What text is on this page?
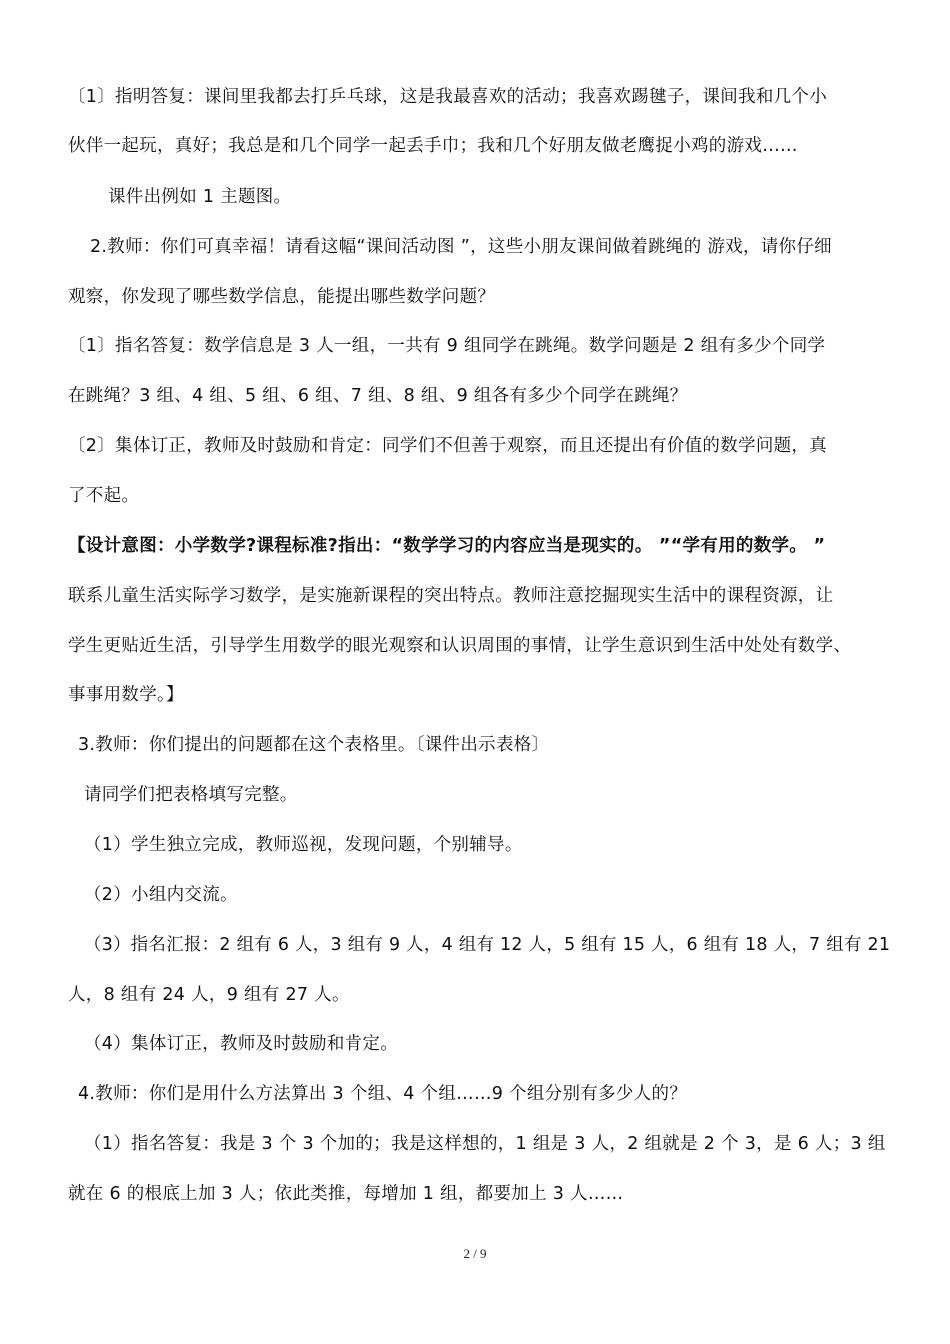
〔1〕指明答复：课间里我都去打乒乓球，这是我最喜欢的活动；我喜欢踢毽子，课间我和几个小
伙伴一起玩，真好；我总是和几个同学一起丢手巾；我和几个好朋友做老鹰捉小鸡的游戏……
课件出例如 1 主题图。
2.教师：你们可真幸福！请看这幅“课间活动图 ”，这些小朋友课间做着跳绳的 游戏，请你仔细
观察，你发现了哪些数学信息，能提出哪些数学问题？
〔1〕指名答复：数学信息是 3 人一组，一共有 9 组同学在跳绳。数学问题是 2 组有多少个同学
在跳绳？3 组、4 组、5 组、6 组、7 组、8 组、9 组各有多少个同学在跳绳？
〔2〕集体订正，教师及时鼓励和肯定：同学们不但善于观察，而且还提出有价值的数学问题，真
了不起。
【设计意图：小学数学?课程标准?指出：“数学学习的内容应当是现实的。 ”“学有用的数学。 ”
联系儿童生活实际学习数学，是实施新课程的突出特点。教师注意挖掘现实生活中的课程资源，让
学生更贴近生活，引导学生用数学的眼光观察和认识周围的事情，让学生意识到生活中处处有数学、
事事用数学。】
3.教师：你们提出的问题都在这个表格里。〔课件出示表格〕
请同学们把表格填写完整。
（1）学生独立完成，教师巡视，发现问题，个别辅导。
（2）小组内交流。
（3）指名汇报：2 组有 6 人，3 组有 9 人，4 组有 12 人，5 组有 15 人，6 组有 18 人，7 组有 21
人，8 组有 24 人，9 组有 27 人。
（4）集体订正，教师及时鼓励和肯定。
4.教师：你们是用什么方法算出 3 个组、4 个组……9 个组分别有多少人的？
（1）指名答复：我是 3 个 3 个加的；我是这样想的，1 组是 3 人，2 组就是 2 个 3，是 6 人；3 组
就在 6 的根底上加 3 人；依此类推，每增加 1 组，都要加上 3 人……
2 / 9
